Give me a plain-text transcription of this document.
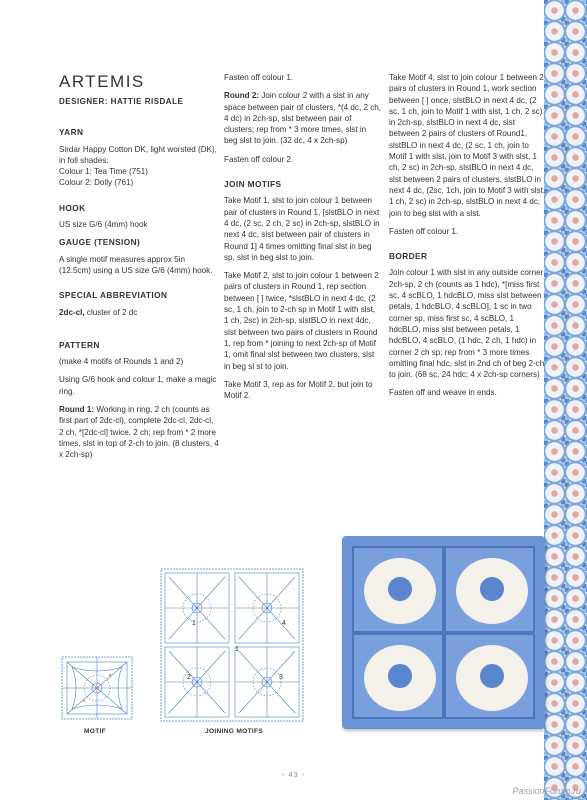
ARTEMIS
DESIGNER: HATTIE RISDALE
YARN

Sirdar Happy Cotton DK, light worsted (DK), in foll shades:
Colour 1: Tea Time (751)
Colour 2: Dolly (761)

HOOK

US size G/6 (4mm) hook

GAUGE (TENSION)

A single motif measures approx 5in (12.5cm) using a US size G/6 (4mm) hook.

SPECIAL ABBREVIATION

2dc-cl, cluster of 2 dc

PATTERN

(make 4 motifs of Rounds 1 and 2)

Using G/6 hook and colour 1, make a magic ring.

Round 1: Working in ring, 2 ch (counts as first part of 2dc-cl), complete 2dc-cl, 2dc-cl, 2 ch, *[2dc-cl] twice, 2 ch; rep from * 2 more times, slst in top of 2-ch to join. (8 clusters, 4 x 2ch-sp)

Fasten off colour 1.

Round 2: Join colour 2 with a slst in any space between pair of clusters, *(4 dc, 2 ch, 4 dc) in 2ch-sp, slst between pair of clusters; rep from * 3 more times, slst in beg slst to join. (32 dc, 4 x 2ch-sp)

Fasten off colour 2.

JOIN MOTIFS

Take Motif 1, slst to join colour 1 between pair of clusters in Round 1, [slstBLO in next 4 dc, (2 sc, 2 ch, 2 sc) in 2ch-sp, slstBLO in next 4 dc, slst between pair of clusters in Round 1] 4 times omitting final slst in beg sp, slst in beg slst to join.

Take Motif 2, slst to join colour 1 between 2 pairs of clusters in Round 1, rep section between [ ] twice, *slstBLO in next 4 dc, (2 sc, 1 ch, join to 2-ch sp in Motif 1 with slst, 1 ch, 2sc) in 2ch-sp, slstBLO in next 4dc, slst between two pairs of clusters in Round 1, rep from * joining to next 2ch-sp of Motif 1, omit final slst between two clusters, slst in beg sl st to join.

Take Motif 3, rep as for Motif 2, but join to Motif 2.

Take Motif 4, slst to join colour 1 between 2 pairs of clusters in Round 1, work section between [ ] once, slstBLO in next 4 dc, (2 sc, 1 ch, join to Motif 1 with slst, 1 ch, 2 sc) in 2ch-sp, slstBLO in next 4 dc, slst between 2 pairs of clusters of Round1, slstBLO in next 4 dc, (2 sc, 1 ch, join to Motif 1 with slst, join to Motif 3 with slst, 1 ch, 2 sc) in 2ch-sp, slstBLO in next 4 dc, slst between 2 pairs of clusters, slstBLO in next 4 dc, (2sc, 1ch, join to Motif 3 with slst, 1 ch, 2 sc) in 2ch-sp, slstBLO in next 4 dc, join to beg slst with a slst.

Fasten off colour 1.

BORDER

Join colour 1 with slst in any outside corner 2ch-sp, 2 ch (counts as 1 hdc), *[miss first sc, 4 scBLO, 1 hdcBLO, miss slst between petals, 1 hdcBLO, 4 scBLO], 1 sc in two corner sp, miss first sc, 4 scBLO, 1 hdcBLO, miss slst between petals, 1 hdcBLO, 4 scBLO, (1 hdc, 2 ch, 1 hdc) in corner 2 ch sp; rep from * 3 more times omitting final hdc, slst in 2nd ch of beg 2-ch to join. (68 sc, 24 hdc; 4 x 2ch-sp corners)

Fasten off and weave in ends.

1	4
2	3
1
MOTIF	JOINING MOTIFS
- 43 -
PassionForum.ru
